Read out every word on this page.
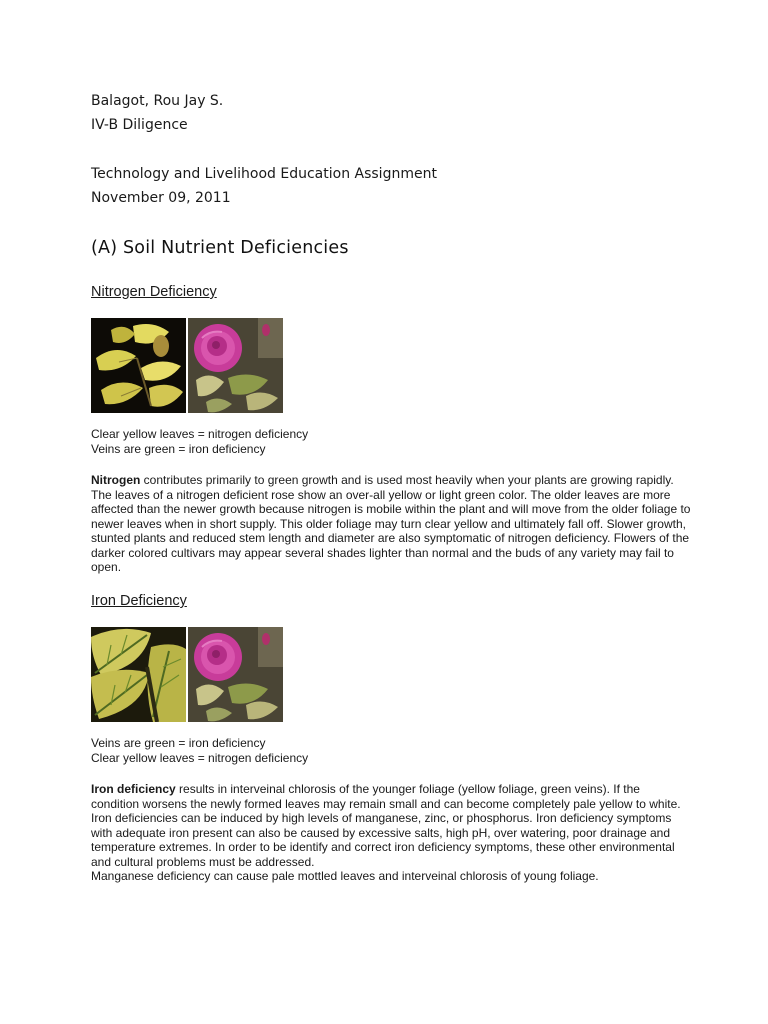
Balagot, Rou Jay S.
IV-B Diligence
Technology and Livelihood Education Assignment
November 09, 2011
(A) Soil Nutrient Deficiencies
Nitrogen Deficiency
Clear yellow leaves = nitrogen deficiency
Veins are green = iron deficiency
Nitrogen contributes primarily to green growth and is used most heavily when your plants are growing rapidly. The leaves of a nitrogen deficient rose show an over-all yellow or light green color. The older leaves are more affected than the newer growth because nitrogen is mobile within the plant and will move from the older foliage to newer leaves when in short supply. This older foliage may turn clear yellow and ultimately fall off. Slower growth, stunted plants and reduced stem length and diameter are also symptomatic of nitrogen deficiency. Flowers of the darker colored cultivars may appear several shades lighter than normal and the buds of any variety may fail to open.
Iron Deficiency
Veins are green = iron deficiency
Clear yellow leaves = nitrogen deficiency
Iron deficiency results in interveinal chlorosis of the younger foliage (yellow foliage, green veins). If the condition worsens the newly formed leaves may remain small and can become completely pale yellow to white. Iron deficiencies can be induced by high levels of manganese, zinc, or phosphorus. Iron deficiency symptoms with adequate iron present can also be caused by excessive salts, high pH, over watering, poor drainage and temperature extremes. In order to be identify and correct iron deficiency symptoms, these other environmental and cultural problems must be addressed.
Manganese deficiency can cause pale mottled leaves and interveinal chlorosis of young foliage.
